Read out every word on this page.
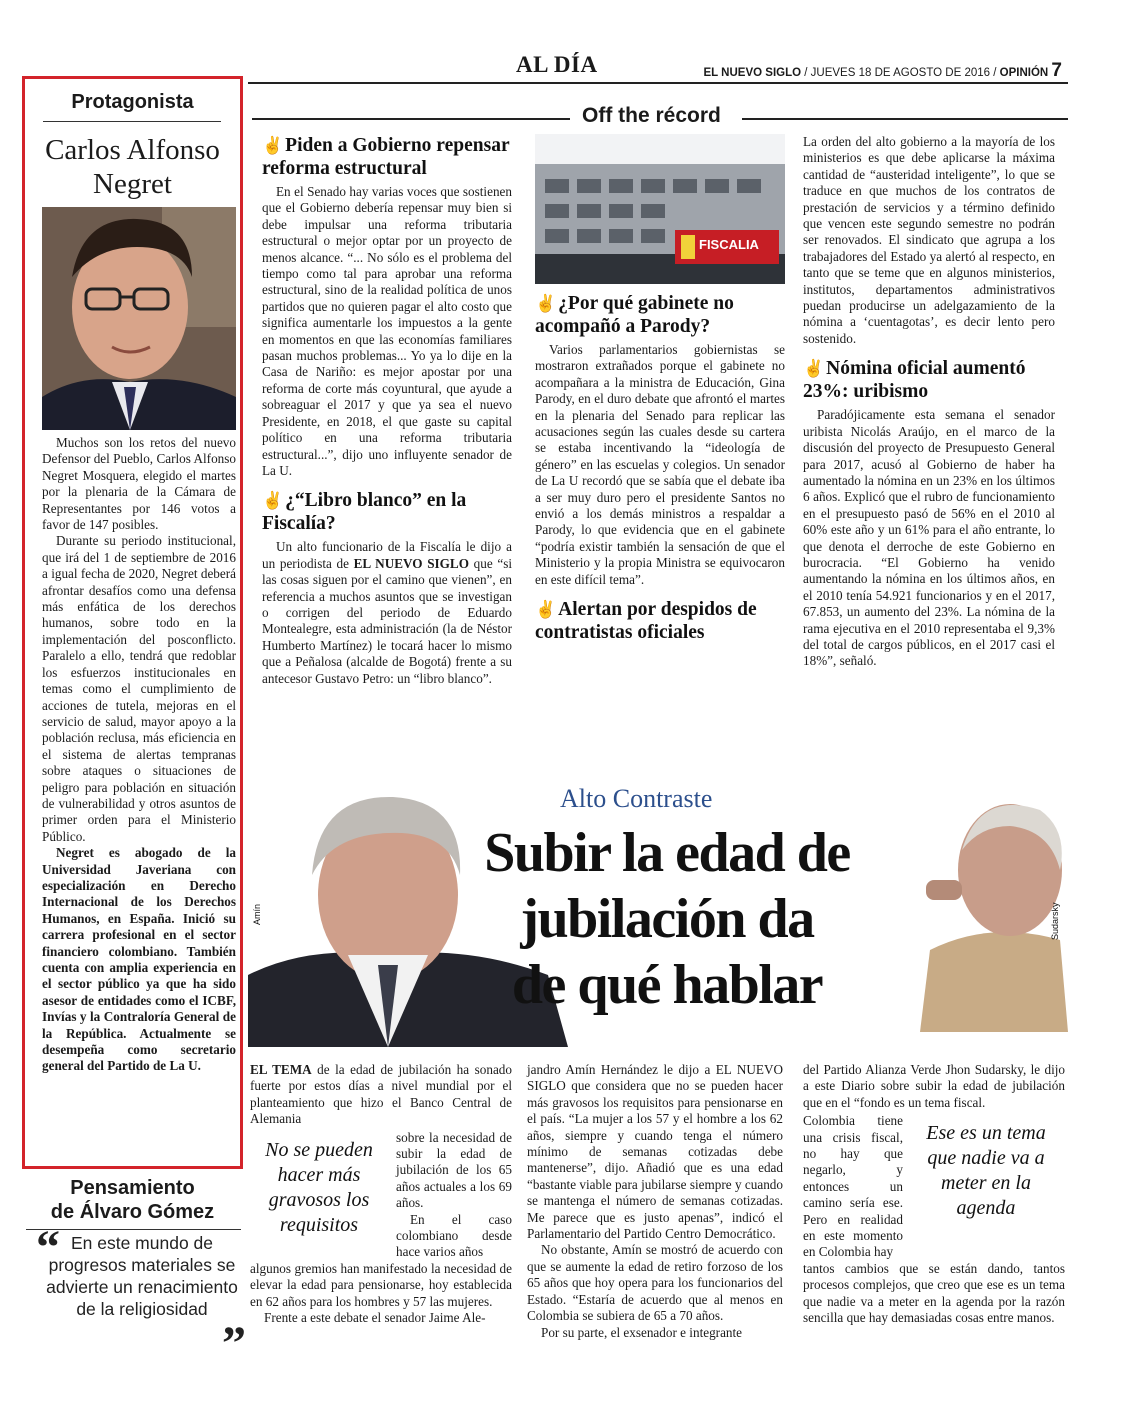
AL DÍA	EL NUEVO SIGLO / JUEVES 18 DE AGOSTO DE 2016 / OPINIÓN 7
Protagonista
Carlos Alfonso
Negret

Muchos son los retos del nuevo Defensor del Pueblo, Carlos Alfonso Negret Mosquera, elegido el martes por la plenaria de la Cámara de Representantes por 146 votos a favor de 147 posibles.

Durante su periodo institucional, que irá del 1 de septiembre de 2016 a igual fecha de 2020, Negret deberá afrontar desafíos como una defensa más enfática de los derechos humanos, sobre todo en la implementación del posconflicto. Paralelo a ello, tendrá que redoblar los esfuerzos institucionales en temas como el cumplimiento de acciones de tutela, mejoras en el servicio de salud, mayor apoyo a la población reclusa, más eficiencia en el sistema de alertas tempranas sobre ataques o situaciones de peligro para población en situación de vulnerabilidad y otros asuntos de primer orden para el Ministerio Público.

Negret es abogado de la Universidad Javeriana con especialización en Derecho Internacional de los Derechos Humanos, en España. Inició su carrera profesional en el sector financiero colombiano. También cuenta con amplia experiencia en el sector público ya que ha sido asesor de entidades como el ICBF, Invías y la Contraloría General de la República. Actualmente se desempeña como secretario general del Partido de La U.

Pensamiento
de Álvaro Gómez
“ En este mundo de progresos materiales se advierte un renacimiento de la religiosidad
”
Off the récord
✌ Piden a Gobierno repensar reforma estructural

En el Senado hay varias voces que sostienen que el Gobierno debería repensar muy bien si debe impulsar una reforma tributaria estructural o mejor optar por un proyecto de menos alcance. “... No sólo es el problema del tiempo como tal para aprobar una reforma estructural, sino de la realidad política de unos partidos que no quieren pagar el alto costo que significa aumentarle los impuestos a la gente en momentos en que las economías familiares pasan muchos problemas... Yo ya lo dije en la Casa de Nariño: es mejor apostar por una reforma de corte más coyuntural, que ayude a sobreaguar el 2017 y que ya sea el nuevo Presidente, en 2018, el que gaste su capital político en una reforma tributaria estructural...”, dijo uno influyente senador de La U.

✌ ¿“Libro blanco” en la Fiscalía?

Un alto funcionario de la Fiscalía le dijo a un periodista de EL NUEVO SIGLO que “si las cosas siguen por el camino que vienen”, en referencia a muchos asuntos que se investigan o corrigen del periodo de Eduardo Montealegre, esta administración (la de Néstor Humberto Martínez) le tocará hacer lo mismo que a Peñalosa (alcalde de Bogotá) frente a su antecesor Gustavo Petro: un “libro blanco”.

FISCALIA
✌ ¿Por qué gabinete no acompañó a Parody?

Varios parlamentarios gobiernistas se mostraron extrañados porque el gabinete no acompañara a la ministra de Educación, Gina Parody, en el duro debate que afrontó el martes en la plenaria del Senado para replicar las acusaciones según las cuales desde su cartera se estaba incentivando la “ideología de género” en las escuelas y colegios. Un senador de La U recordó que se sabía que el debate iba a ser muy duro pero el presidente Santos no envió a los demás ministros a respaldar a Parody, lo que evidencia que en el gabinete “podría existir también la sensación de que el Ministerio y la propia Ministra se equivocaron en este difícil tema”.

✌ Alertan por despidos de contratistas oficiales

La orden del alto gobierno a la mayoría de los ministerios es que debe aplicarse la máxima cantidad de “austeridad inteligente”, lo que se traduce en que muchos de los contratos de prestación de servicios y a término definido que vencen este segundo semestre no podrán ser renovados. El sindicato que agrupa a los trabajadores del Estado ya alertó al respecto, en tanto que se teme que en algunos ministerios, institutos, departamentos administrativos puedan producirse un adelgazamiento de la nómina a ‘cuentagotas’, es decir lento pero sostenido.

✌ Nómina oficial aumentó 23%: uribismo

Paradójicamente esta semana el senador uribista Nicolás Araújo, en el marco de la discusión del proyecto de Presupuesto General para 2017, acusó al Gobierno de haber ha aumentado la nómina en un 23% en los últimos 6 años. Explicó que el rubro de funcionamiento en el presupuesto pasó de 56% en el 2010 al 60% este año y un 61% para el año entrante, lo que denota el derroche de este Gobierno en burocracia. “El Gobierno ha venido aumentando la nómina en los últimos años, en el 2010 tenía 54.921 funcionarios y en el 2017, 67.853, un aumento del 23%. La nómina de la rama ejecutiva en el 2010 representaba el 9,3% del total de cargos públicos, en el 2017 casi el 18%”, señaló.

Amín	Sudarsky
Alto Contraste
Subir la edad de
jubilación da
de qué hablar

EL TEMA de la edad de jubilación ha sonado fuerte por estos días a nivel mundial por el planteamiento que hizo el Banco Central de Alemania

No se pueden hacer más gravosos los requisitos

sobre la necesidad de subir la edad de jubilación de los 65 años actuales a los 69 años.

En el caso colombiano desde hace varios años

algunos gremios han manifestado la necesidad de elevar la edad para pensionarse, hoy establecida en 62 años para los hombres y 57 las mujeres.

Frente a este debate el senador Jaime Ale-

jandro Amín Hernández le dijo a EL NUEVO SIGLO que considera que no se pueden hacer más gravosos los requisitos para pensionarse en el país. “La mujer a los 57 y el hombre a los 62 años, siempre y cuando tenga el número mínimo de semanas cotizadas debe mantenerse”, dijo. Añadió que es una edad “bastante viable para jubilarse siempre y cuando se mantenga el número de semanas cotizadas. Me parece que es justo apenas”, indicó el Parlamentario del Partido Centro Democrático.

No obstante, Amín se mostró de acuerdo con que se aumente la edad de retiro forzoso de los 65 años que hoy opera para los funcionarios del Estado. “Estaría de acuerdo que al menos en Colombia se subiera de 65 a 70 años.

Por su parte, el exsenador e integrante

del Partido Alianza Verde Jhon Sudarsky, le dijo a este Diario sobre subir la edad de jubilación que en el “fondo es un tema fiscal.

Colombia tiene una crisis fiscal, no hay que negarlo, y entonces un camino sería ese. Pero en realidad en este momento en Colombia hay

Ese es un tema que nadie va a meter en la agenda

tantos cambios que se están dando, tantos procesos complejos, que creo que ese es un tema que nadie va a meter en la agenda por la razón sencilla que hay demasiadas cosas entre manos.
